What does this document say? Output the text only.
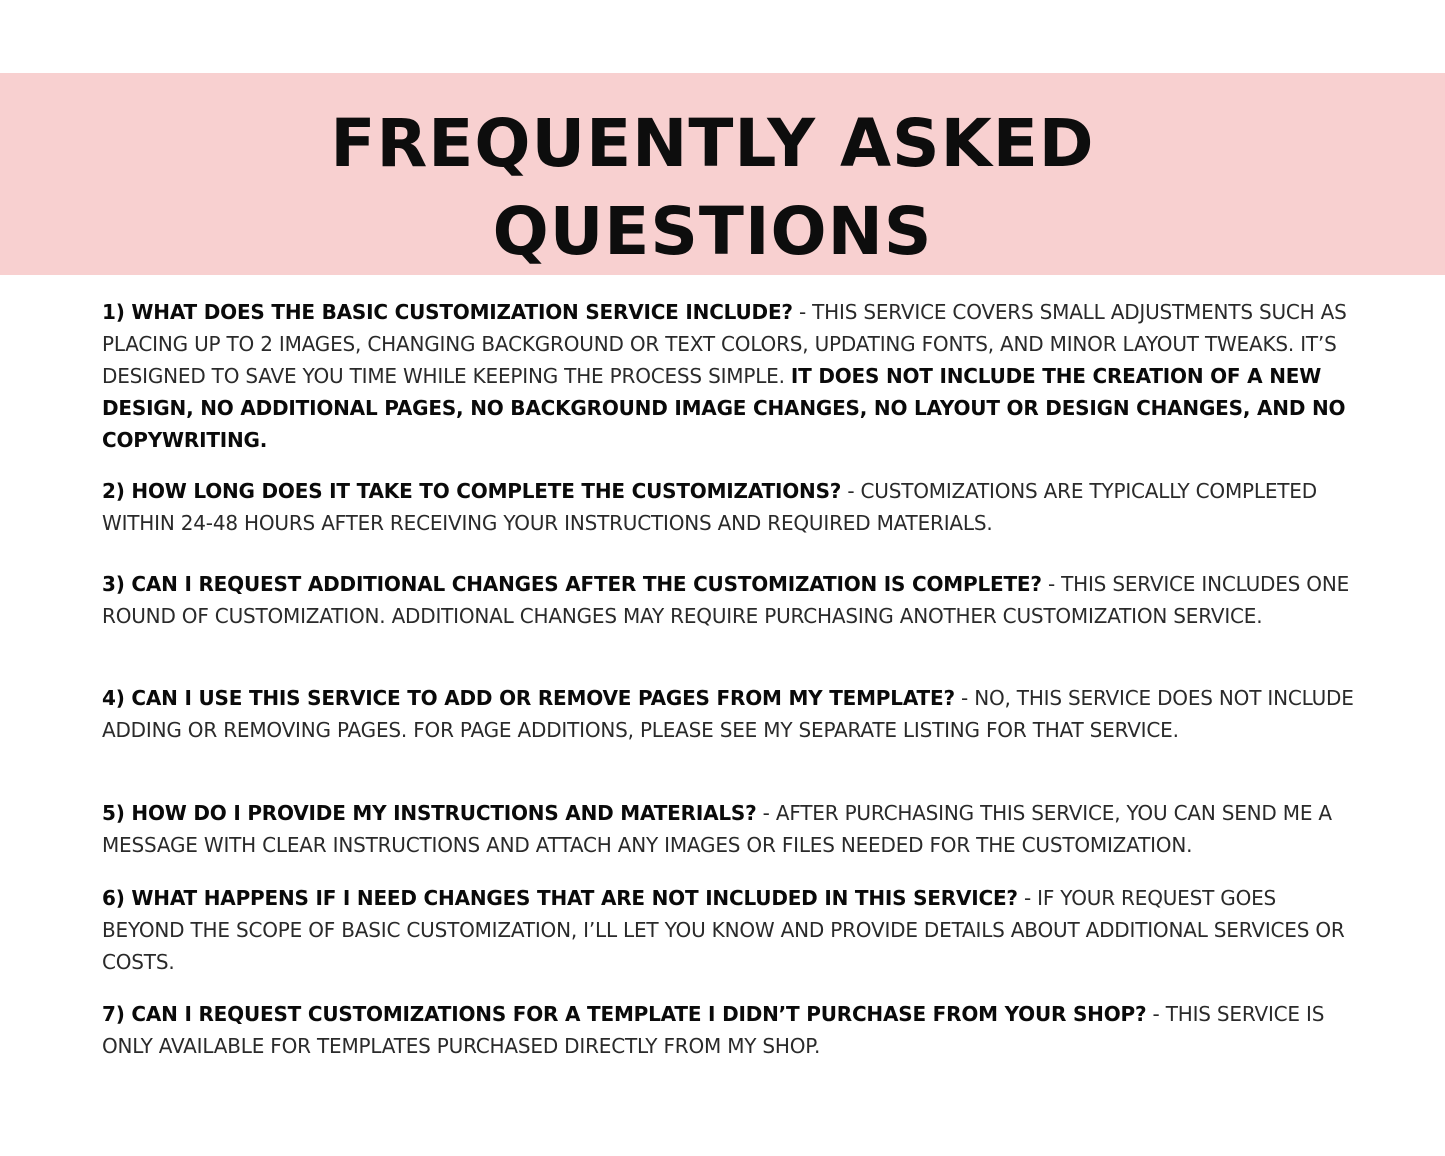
FREQUENTLY ASKED
QUESTIONS

1) WHAT DOES THE BASIC CUSTOMIZATION SERVICE INCLUDE? - THIS SERVICE COVERS SMALL ADJUSTMENTS SUCH AS PLACING UP TO 2 IMAGES, CHANGING BACKGROUND OR TEXT COLORS, UPDATING FONTS, AND MINOR LAYOUT TWEAKS. IT’S DESIGNED TO SAVE YOU TIME WHILE KEEPING THE PROCESS SIMPLE. IT DOES NOT INCLUDE THE CREATION OF A NEW DESIGN, NO ADDITIONAL PAGES, NO BACKGROUND IMAGE CHANGES, NO LAYOUT OR DESIGN CHANGES, AND NO COPYWRITING.

2) HOW LONG DOES IT TAKE TO COMPLETE THE CUSTOMIZATIONS? - CUSTOMIZATIONS ARE TYPICALLY COMPLETED WITHIN 24-48 HOURS AFTER RECEIVING YOUR INSTRUCTIONS AND REQUIRED MATERIALS.

3) CAN I REQUEST ADDITIONAL CHANGES AFTER THE CUSTOMIZATION IS COMPLETE? - THIS SERVICE INCLUDES ONE ROUND OF CUSTOMIZATION. ADDITIONAL CHANGES MAY REQUIRE PURCHASING ANOTHER CUSTOMIZATION SERVICE.

4) CAN I USE THIS SERVICE TO ADD OR REMOVE PAGES FROM MY TEMPLATE? - NO, THIS SERVICE DOES NOT INCLUDE ADDING OR REMOVING PAGES. FOR PAGE ADDITIONS, PLEASE SEE MY SEPARATE LISTING FOR THAT SERVICE.

5) HOW DO I PROVIDE MY INSTRUCTIONS AND MATERIALS? - AFTER PURCHASING THIS SERVICE, YOU CAN SEND ME A MESSAGE WITH CLEAR INSTRUCTIONS AND ATTACH ANY IMAGES OR FILES NEEDED FOR THE CUSTOMIZATION.

6) WHAT HAPPENS IF I NEED CHANGES THAT ARE NOT INCLUDED IN THIS SERVICE? - IF YOUR REQUEST GOES BEYOND THE SCOPE OF BASIC CUSTOMIZATION, I’LL LET YOU KNOW AND PROVIDE DETAILS ABOUT ADDITIONAL SERVICES OR COSTS.

7) CAN I REQUEST CUSTOMIZATIONS FOR A TEMPLATE I DIDN’T PURCHASE FROM YOUR SHOP? - THIS SERVICE IS ONLY AVAILABLE FOR TEMPLATES PURCHASED DIRECTLY FROM MY SHOP.
